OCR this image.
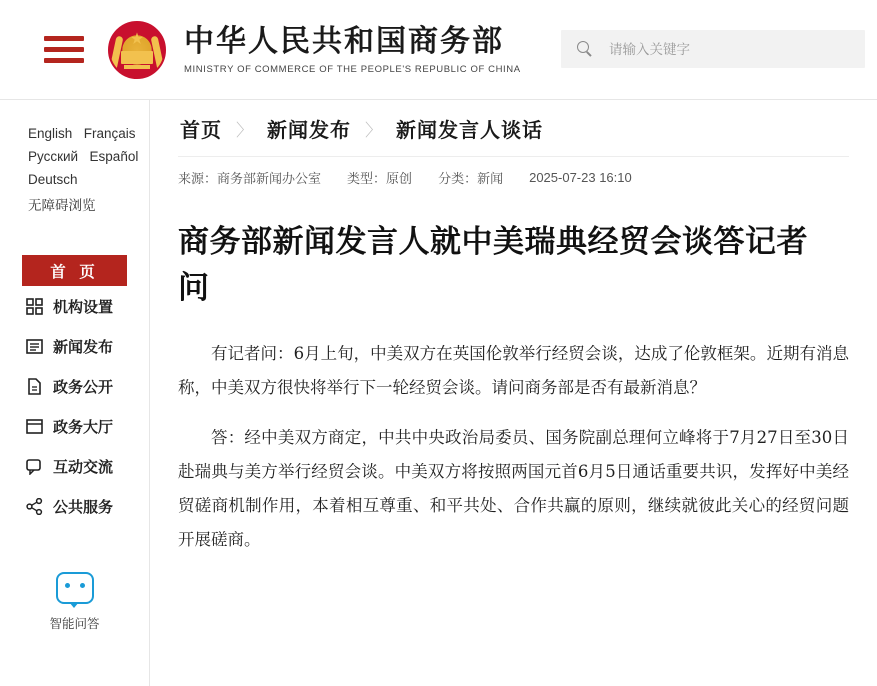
★ 中华人民共和国商务部
MINISTRY OF COMMERCE OF THE PEOPLE'S REPUBLIC OF CHINA
请输入关键字
English Français
Русский Español
Deutsch
无障碍浏览
首 页
机构设置
新闻发布
政务公开
政务大厅
互动交流
公共服务
智能问答
首页 〉 新闻发布 〉 新闻发言人谈话
来源：商务部新闻办公室 类型：原创 分类：新闻 2025-07-23 16:10
商务部新闻发言人就中美瑞典经贸会谈答记者问

有记者问：6月上旬，中美双方在英国伦敦举行经贸会谈，达成了伦敦框架。近期有消息称，中美双方很快将举行下一轮经贸会谈。请问商务部是否有最新消息？

答：经中美双方商定，中共中央政治局委员、国务院副总理何立峰将于7月27日至30日赴瑞典与美方举行经贸会谈。中美双方将按照两国元首6月5日通话重要共识，发挥好中美经贸磋商机制作用，本着相互尊重、和平共处、合作共赢的原则，继续就彼此关心的经贸问题开展磋商。
